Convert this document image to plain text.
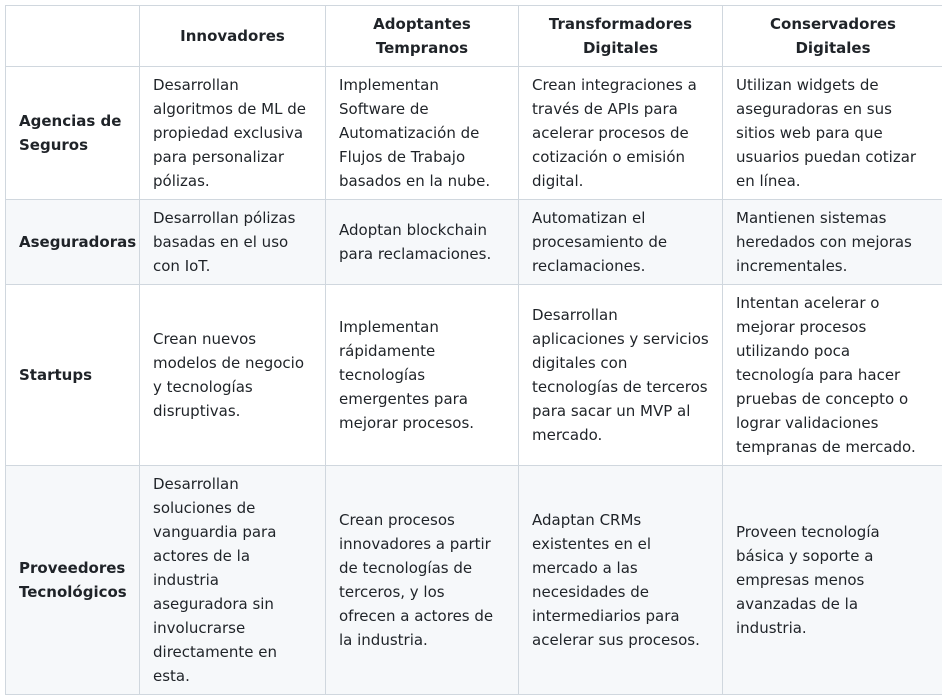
	Innovadores	Adoptantes Tempranos	Transformadores Digitales	Conservadores Digitales
Agencias de Seguros	Desarrollan algoritmos de ML de propiedad exclusiva para personalizar pólizas.	Implementan Software de Automatización de Flujos de Trabajo basados en la nube.	Crean integraciones a través de APIs para acelerar procesos de cotización o emisión digital.	Utilizan widgets de aseguradoras en sus sitios web para que usuarios puedan cotizar en línea.
Aseguradoras	Desarrollan pólizas basadas en el uso con IoT.	Adoptan blockchain para reclamaciones.	Automatizan el procesamiento de reclamaciones.	Mantienen sistemas heredados con mejoras incrementales.
Startups	Crean nuevos modelos de negocio y tecnologías disruptivas.	Implementan rápidamente tecnologías emergentes para mejorar procesos.	Desarrollan aplicaciones y servicios digitales con tecnologías de terceros para sacar un MVP al mercado.	Intentan acelerar o mejorar procesos utilizando poca tecnología para hacer pruebas de concepto o lograr validaciones tempranas de mercado.
Proveedores Tecnológicos	Desarrollan soluciones de vanguardia para actores de la industria aseguradora sin involucrarse directamente en esta.	Crean procesos innovadores a partir de tecnologías de terceros, y los ofrecen a actores de la industria.	Adaptan CRMs existentes en el mercado a las necesidades de intermediarios para acelerar sus procesos.	Proveen tecnología básica y soporte a empresas menos avanzadas de la industria.
